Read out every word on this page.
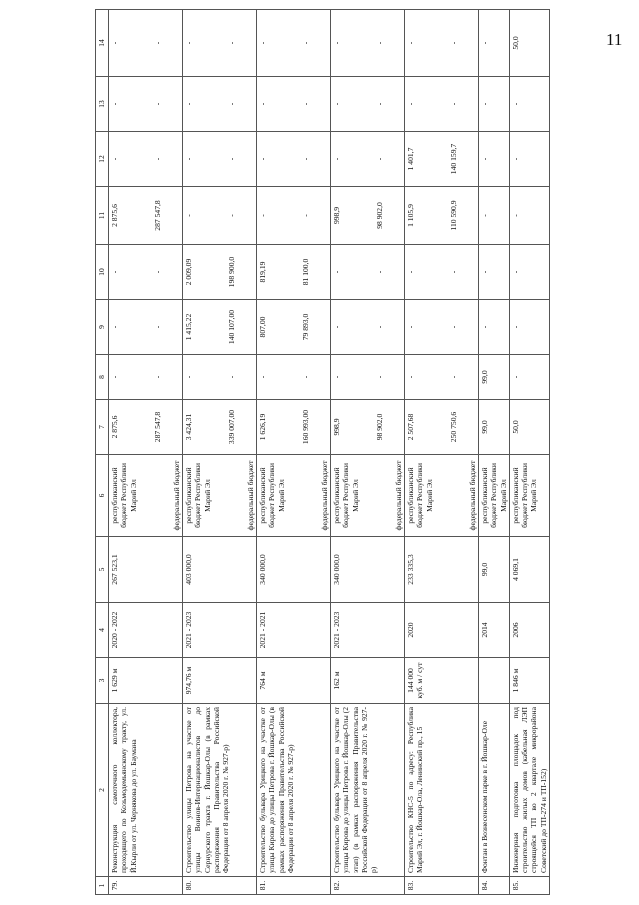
11
1	2	3	4	5	6	7	8	9	10	11	12	13	14
79.	Реконструкция самотечного коллектора, проходящего по Козьмодемьянскому тракту, ул. Й.Кырли от ул. Чернякова до ул. Баумана	1 629 м	2020 - 2022	267 523,1	республиканский бюджет Республики Марий Эл федеральный бюджет	2 875,6 287 547,8	- -	- -	- -	2 875,6 287 547,8	- -	- -	- -

80.	Строительство улицы Петрова на участке от улицы Воинов-Интернационалистов до Сернурского тракта г. Йошкар-Олы (в рамках распоряжения Правительства Российской Федерации от 8 апреля 2020 г. № 927-р)	974,76 м	2021 - 2023	403 000,0	республиканский бюджет Республики Марий Эл федеральный бюджет	3 424,31 339 007,00	- -	1 415,22 140 107,00	2 009,09 198 900,0	- -	- -	- -	- -

81.	Строительство бульвара Урицкого на участке от улицы Кирова до улицы Петрова г. Йошкар-Олы (в рамках распоряжения Правительства Российской Федерации от 8 апреля 2020 г. № 927-р)	764 м	2021 - 2021	340 000,0	республиканский бюджет Республики Марий Эл федеральный бюджет	1 626,19 160 993,00	- -	807,00 79 893,0	819,19 81 100,0	- -	- -	- -	- -

82.	Строительство бульвара Урицкого на участке от улицы Кирова до улицы Петрова г. Йошкар-Олы (2 этап) (в рамках распоряжения Правительства Российской Федерации от 8 апреля 2020 г. № 927-р)	162 м	2021 - 2023	340 000,0	республиканский бюджет Республики Марий Эл федеральный бюджет	998,9 98 902,0	- -	- -	- -	998,9 98 902,0	- -	- -	- -

83.	Строительство КНС-5 по адресу: Республика Марий Эл, г. Йошкар-Ола, Ленинский пр., 15	144 000 куб. м / сут	2020	233 335,3	республиканский бюджет Республики Марий Эл федеральный бюджет	2 507,68 250 750,6	- -	- -	- -	1 105,9 110 590,9	1 401,7 140 159,7	- -	- -

84.	Фонтан в Вознесенском парке в г. Йошкар-Оле		2014	99,0	республиканский бюджет Республики Марий Эл	99,0	99,0	-	-	-	-	-	-

85.	Инженерная подготовка площадок под строительство жилых домов (кабельная ЛЭП строящейся ТП во 2 квартале микрорайона Советский до ТП-274 и ТП-152)	1 846 м	2006	4 069,1	республиканский бюджет Республики Марий Эл	50,0	-	-	-	-	-	-	50,0
